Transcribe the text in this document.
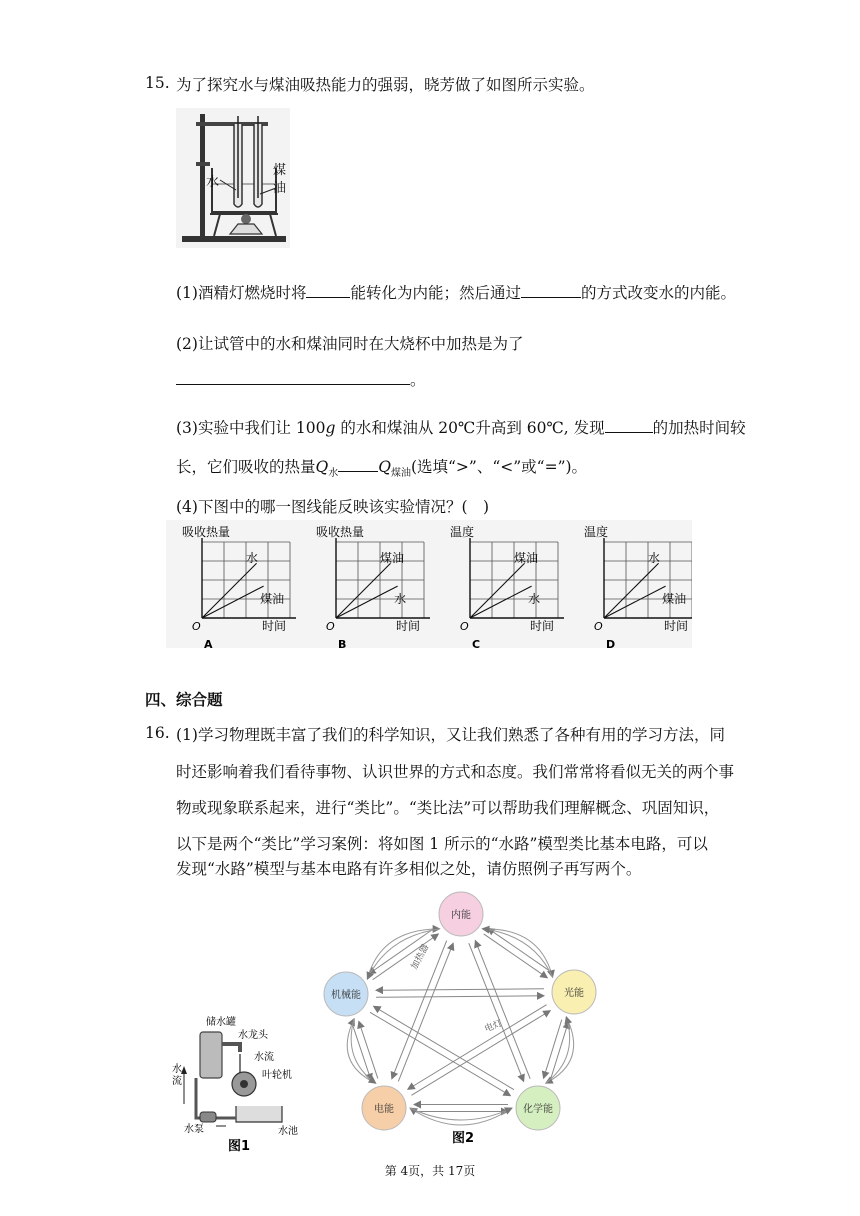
15. 为了探究水与煤油吸热能力的强弱，晓芳做了如图所示实验。
水
煤
油
(1)酒精灯燃烧时将	能转化为内能；然后通过	的方式改变水的内能。
(2)让试管中的水和煤油同时在大烧杯中加热是为了
。
(3)实验中我们让 100g 的水和煤油从 20℃升高到 60℃, 发现	的加热时间较
长，它们吸收的热量$Q_水$	$Q_{煤油}$(选填“>”、“<”或“=”)。
(4)下图中的哪一图线能反映该实验情况？(　)
吸收热量
时间
O
水
煤油
A
吸收热量
时间
O
煤油
水
B
温度
时间
O
煤油
水
C
温度
时间
O
水
煤油
D
四、综合题
16. (1)学习物理既丰富了我们的科学知识，又让我们熟悉了各种有用的学习方法，同
时还影响着我们看待事物、认识世界的方式和态度。我们常常将看似无关的两个事
物或现象联系起来，进行“类比”。“类比法”可以帮助我们理解概念、巩固知识，
以下是两个“类比”学习案例：将如图 1 所示的“水路”模型类比基本电路，可以
发现“水路”模型与基本电路有许多相似之处，请仿照例子再写两个。
储水罐
水龙头
水流
叶轮机
水
流
水泵	水池
图1
加热器
电灯
内能
机械能	光能
电能	化学能
图2
第 4页，共 17页
